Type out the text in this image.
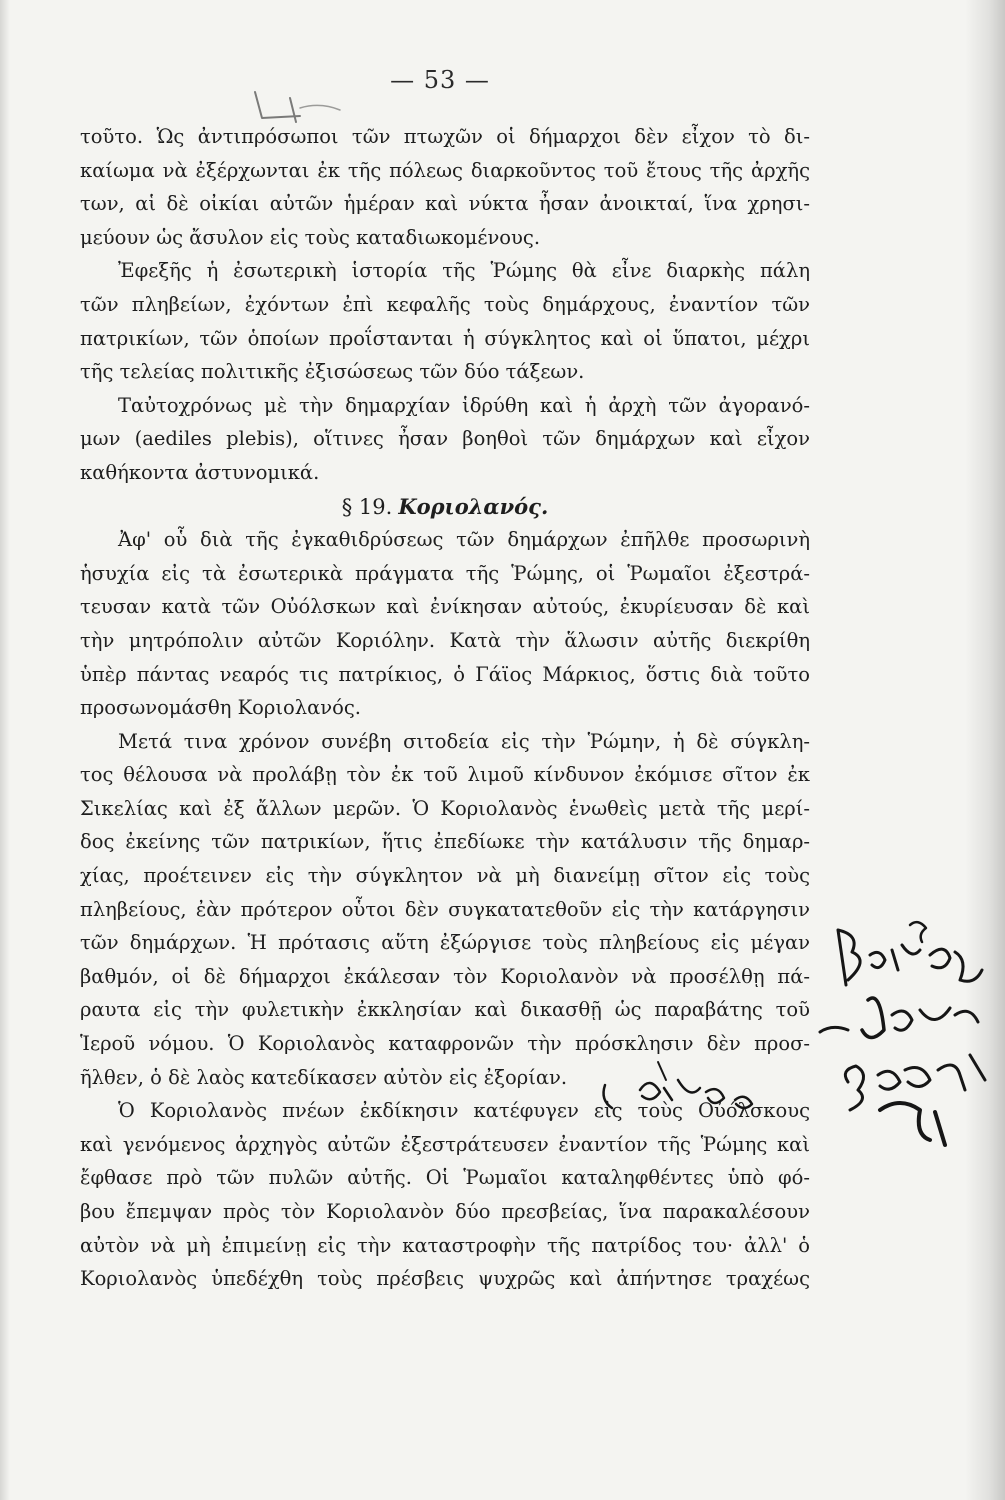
— 53 —
τοῦτο. Ὡς ἀντιπρόσωποι τῶν πτωχῶν οἱ δήμαρχοι δὲν εἶχον τὸ δι-
καίωμα νὰ ἐξέρχωνται ἐκ τῆς πόλεως διαρκοῦντος τοῦ ἔτους τῆς ἀρχῆς
των, αἱ δὲ οἰκίαι αὐτῶν ἡμέραν καὶ νύκτα ἦσαν ἀνοικταί, ἵνα χρησι-
μεύουν ὡς ἄσυλον εἰς τοὺς καταδιωκομένους.
Ἐφεξῆς ἡ ἐσωτερικὴ ἱστορία τῆς Ῥώμης θὰ εἶνε διαρκὴς πάλη
τῶν πληβείων, ἐχόντων ἐπὶ κεφαλῆς τοὺς δημάρχους, ἐναντίον τῶν
πατρικίων, τῶν ὁποίων προΐστανται ἡ σύγκλητος καὶ οἱ ὕπατοι, μέχρι
τῆς τελείας πολιτικῆς ἐξισώσεως τῶν δύο τάξεων.
Ταὐτοχρόνως μὲ τὴν δημαρχίαν ἱδρύθη καὶ ἡ ἀρχὴ τῶν ἀγορανό-
μων (aediles plebis), οἵτινες ἦσαν βοηθοὶ τῶν δημάρχων καὶ εἶχον
καθήκοντα ἀστυνομικά.
§ 19. Κοριολανός.
Ἀφ' οὗ διὰ τῆς ἐγκαθιδρύσεως τῶν δημάρχων ἐπῆλθε προσωρινὴ
ἡσυχία εἰς τὰ ἐσωτερικὰ πράγματα τῆς Ῥώμης, οἱ Ῥωμαῖοι ἐξεστρά-
τευσαν κατὰ τῶν Οὐόλσκων καὶ ἐνίκησαν αὐτούς, ἐκυρίευσαν δὲ καὶ
τὴν μητρόπολιν αὐτῶν Κοριόλην. Κατὰ τὴν ἅλωσιν αὐτῆς διεκρίθη
ὑπὲρ πάντας νεαρός τις πατρίκιος, ὁ Γάϊος Μάρκιος, ὅστις διὰ τοῦτο
προσωνομάσθη Κοριολανός.
Μετά τινα χρόνον συνέβη σιτοδεία εἰς τὴν Ῥώμην, ἡ δὲ σύγκλη-
τος θέλουσα νὰ προλάβῃ τὸν ἐκ τοῦ λιμοῦ κίνδυνον ἐκόμισε σῖτον ἐκ
Σικελίας καὶ ἐξ ἄλλων μερῶν. Ὁ Κοριολανὸς ἑνωθεὶς μετὰ τῆς μερί-
δος ἐκείνης τῶν πατρικίων, ἥτις ἐπεδίωκε τὴν κατάλυσιν τῆς δημαρ-
χίας, προέτεινεν εἰς τὴν σύγκλητον νὰ μὴ διανείμῃ σῖτον εἰς τοὺς
πληβείους, ἐὰν πρότερον οὗτοι δὲν συγκατατεθοῦν εἰς τὴν κατάργησιν
τῶν δημάρχων. Ἡ πρότασις αὕτη ἐξώργισε τοὺς πληβείους εἰς μέγαν
βαθμόν, οἱ δὲ δήμαρχοι ἐκάλεσαν τὸν Κοριολανὸν νὰ προσέλθῃ πά-
ραυτα εἰς τὴν φυλετικὴν ἐκκλησίαν καὶ δικασθῇ ὡς παραβάτης τοῦ
Ἱεροῦ νόμου. Ὁ Κοριολανὸς καταφρονῶν τὴν πρόσκλησιν δὲν προσ-
ῆλθεν, ὁ δὲ λαὸς κατεδίκασεν αὐτὸν εἰς ἐξορίαν.
Ὁ Κοριολανὸς πνέων ἐκδίκησιν κατέφυγεν εἰς τοὺς Οὐόλσκους
καὶ γενόμενος ἀρχηγὸς αὐτῶν ἐξεστράτευσεν ἐναντίον τῆς Ῥώμης καὶ
ἔφθασε πρὸ τῶν πυλῶν αὐτῆς. Οἱ Ῥωμαῖοι καταληφθέντες ὑπὸ φό-
βου ἔπεμψαν πρὸς τὸν Κοριολανὸν δύο πρεσβείας, ἵνα παρακαλέσουν
αὐτὸν νὰ μὴ ἐπιμείνῃ εἰς τὴν καταστροφὴν τῆς πατρίδος του· ἀλλ' ὁ
Κοριολανὸς ὑπεδέχθη τοὺς πρέσβεις ψυχρῶς καὶ ἀπήντησε τραχέως
